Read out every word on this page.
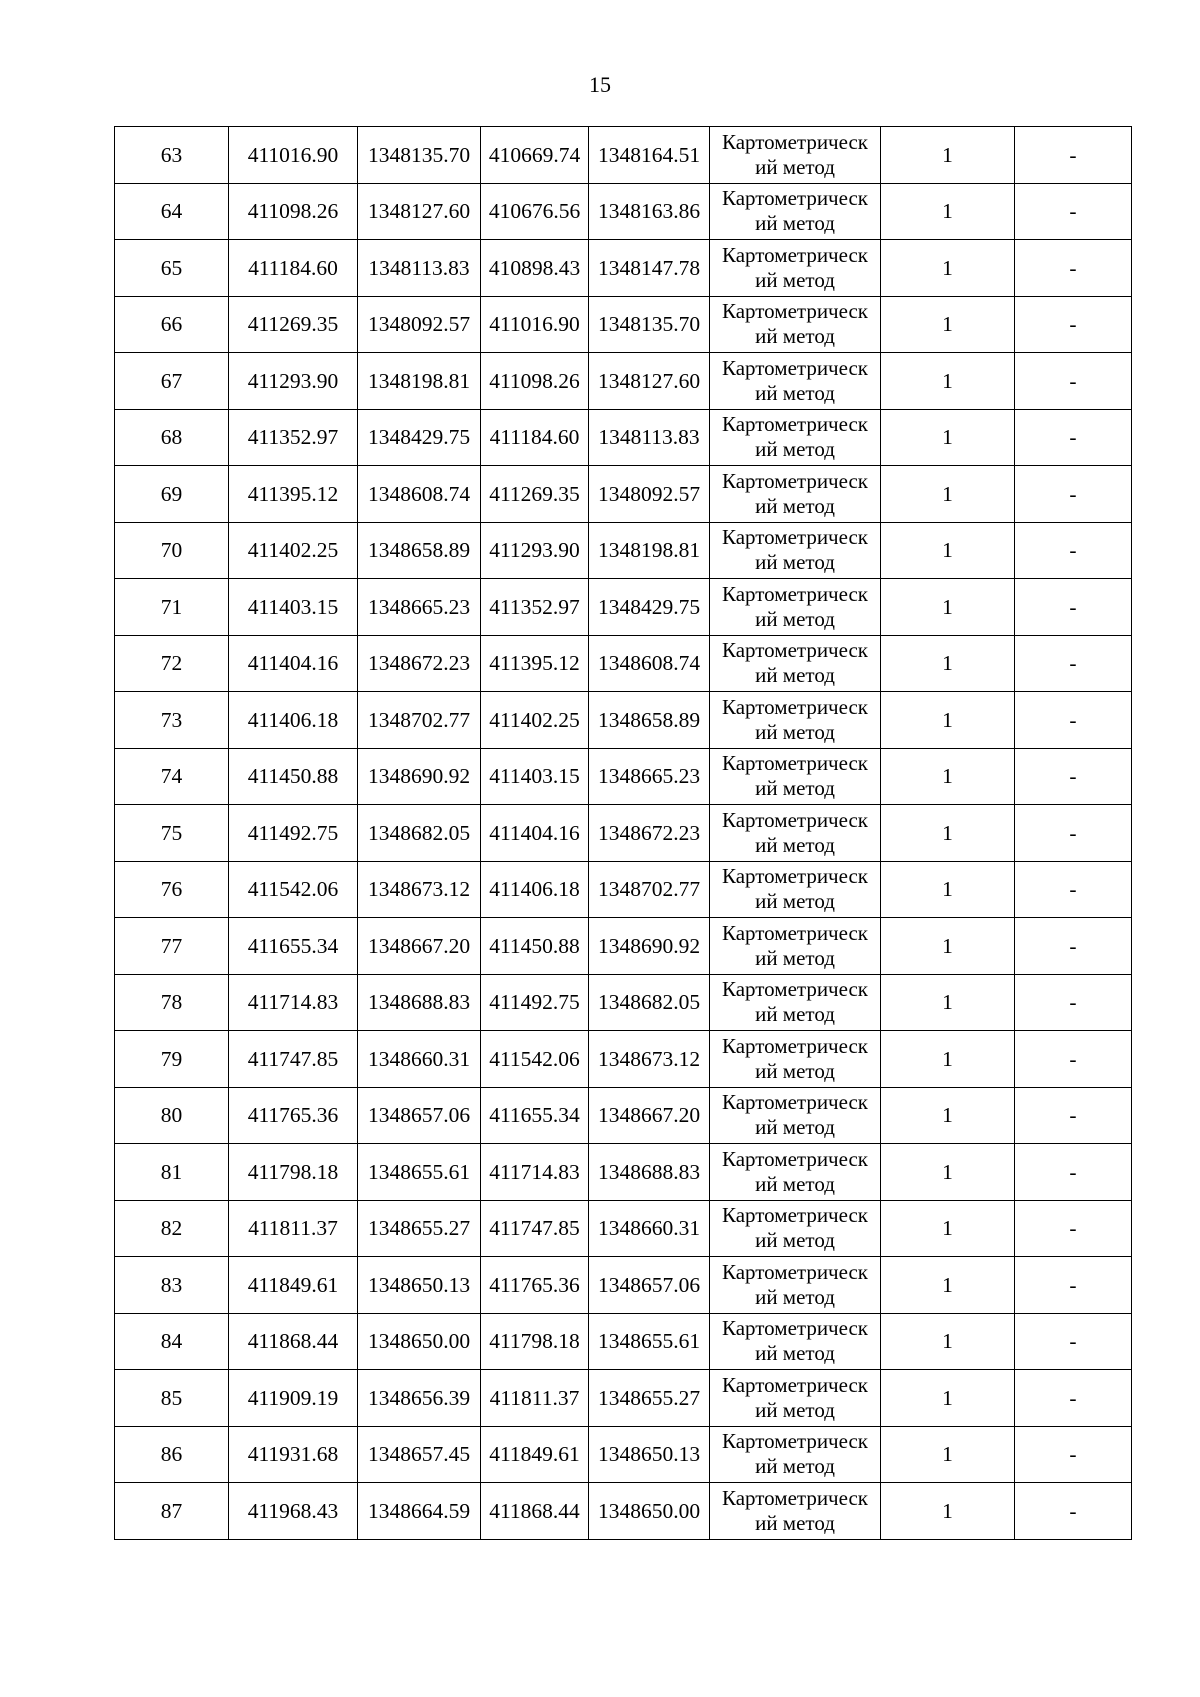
15
63	411016.90	1348135.70	410669.74	1348164.51	Картометрическ
ий метод	1	-
64	411098.26	1348127.60	410676.56	1348163.86	Картометрическ
ий метод	1	-
65	411184.60	1348113.83	410898.43	1348147.78	Картометрическ
ий метод	1	-
66	411269.35	1348092.57	411016.90	1348135.70	Картометрическ
ий метод	1	-
67	411293.90	1348198.81	411098.26	1348127.60	Картометрическ
ий метод	1	-
68	411352.97	1348429.75	411184.60	1348113.83	Картометрическ
ий метод	1	-
69	411395.12	1348608.74	411269.35	1348092.57	Картометрическ
ий метод	1	-
70	411402.25	1348658.89	411293.90	1348198.81	Картометрическ
ий метод	1	-
71	411403.15	1348665.23	411352.97	1348429.75	Картометрическ
ий метод	1	-
72	411404.16	1348672.23	411395.12	1348608.74	Картометрическ
ий метод	1	-
73	411406.18	1348702.77	411402.25	1348658.89	Картометрическ
ий метод	1	-
74	411450.88	1348690.92	411403.15	1348665.23	Картометрическ
ий метод	1	-
75	411492.75	1348682.05	411404.16	1348672.23	Картометрическ
ий метод	1	-
76	411542.06	1348673.12	411406.18	1348702.77	Картометрическ
ий метод	1	-
77	411655.34	1348667.20	411450.88	1348690.92	Картометрическ
ий метод	1	-
78	411714.83	1348688.83	411492.75	1348682.05	Картометрическ
ий метод	1	-
79	411747.85	1348660.31	411542.06	1348673.12	Картометрическ
ий метод	1	-
80	411765.36	1348657.06	411655.34	1348667.20	Картометрическ
ий метод	1	-
81	411798.18	1348655.61	411714.83	1348688.83	Картометрическ
ий метод	1	-
82	411811.37	1348655.27	411747.85	1348660.31	Картометрическ
ий метод	1	-
83	411849.61	1348650.13	411765.36	1348657.06	Картометрическ
ий метод	1	-
84	411868.44	1348650.00	411798.18	1348655.61	Картометрическ
ий метод	1	-
85	411909.19	1348656.39	411811.37	1348655.27	Картометрическ
ий метод	1	-
86	411931.68	1348657.45	411849.61	1348650.13	Картометрическ
ий метод	1	-
87	411968.43	1348664.59	411868.44	1348650.00	Картометрическ
ий метод	1	-
